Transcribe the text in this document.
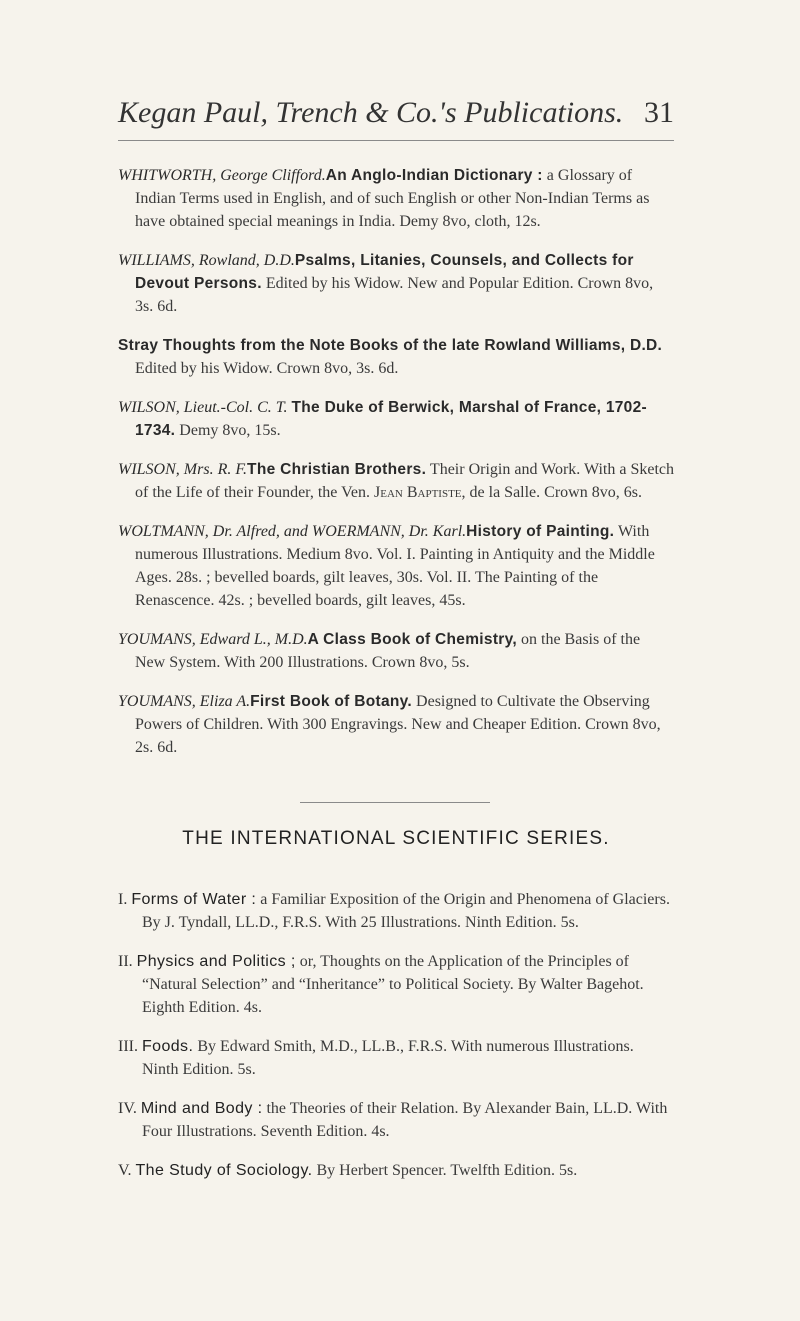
Kegan Paul, Trench & Co.'s Publications. 31

WHITWORTH, George Clifford.An Anglo-Indian Dictionary : a Glossary of Indian Terms used in English, and of such English or other Non-Indian Terms as have obtained special meanings in India. Demy 8vo, cloth, 12s.

WILLIAMS, Rowland, D.D.Psalms, Litanies, Counsels, and Collects for Devout Persons. Edited by his Widow. New and Popular Edition. Crown 8vo, 3s. 6d.

Stray Thoughts from the Note Books of the late Rowland Williams, D.D. Edited by his Widow. Crown 8vo, 3s. 6d.

WILSON, Lieut.-Col. C. T. The Duke of Berwick, Marshal of France, 1702-1734. Demy 8vo, 15s.

WILSON, Mrs. R. F.The Christian Brothers. Their Origin and Work. With a Sketch of the Life of their Founder, the Ven. Jean Baptiste, de la Salle. Crown 8vo, 6s.

WOLTMANN, Dr. Alfred, and WOERMANN, Dr. Karl.History of Painting. With numerous Illustrations. Medium 8vo. Vol. I. Painting in Antiquity and the Middle Ages. 28s. ; bevelled boards, gilt leaves, 30s. Vol. II. The Painting of the Renascence. 42s. ; bevelled boards, gilt leaves, 45s.

YOUMANS, Edward L., M.D.A Class Book of Chemistry, on the Basis of the New System. With 200 Illustrations. Crown 8vo, 5s.

YOUMANS, Eliza A.First Book of Botany. Designed to Cultivate the Observing Powers of Children. With 300 Engravings. New and Cheaper Edition. Crown 8vo, 2s. 6d.

THE INTERNATIONAL SCIENTIFIC SERIES.

I. Forms of Water : a Familiar Exposition of the Origin and Phenomena of Glaciers. By J. Tyndall, LL.D., F.R.S. With 25 Illustrations. Ninth Edition. 5s.

II. Physics and Politics ; or, Thoughts on the Application of the Principles of “Natural Selection” and “Inheritance” to Political Society. By Walter Bagehot. Eighth Edition. 4s.

III. Foods. By Edward Smith, M.D., LL.B., F.R.S. With numerous Illustrations. Ninth Edition. 5s.

IV. Mind and Body : the Theories of their Relation. By Alexander Bain, LL.D. With Four Illustrations. Seventh Edition. 4s.

V. The Study of Sociology. By Herbert Spencer. Twelfth Edition. 5s.
